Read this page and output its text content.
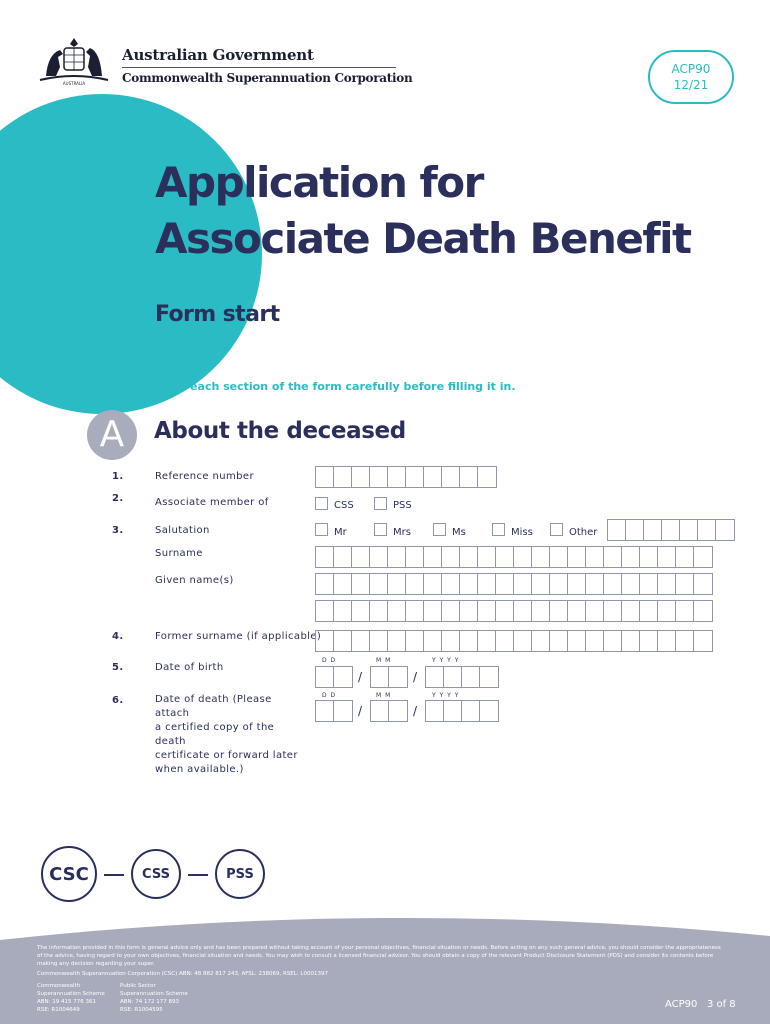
AUSTRALIA
Australian Government
Commonwealth Superannuation Corporation
ACP90
12/21
Application for
Associate Death Benefit
Form start
Read each section of the form carefully before filling it in.
A	About the deceased
1.	Reference number
2.	Associate member of	CSS	PSS
3.	Salutation	Mr	Mrs	Ms	Miss	Other
Surname
Given name(s)
4.	Former surname (if applicable)
5.	Date of birth
D D	M M	Y Y Y Y
/	/
6.	Date of death (Please attach
a certified copy of the death
certificate or forward later
when available.)
D D	M M	Y Y Y Y
/	/
CSC	CSS	PSS
The information provided in this form is general advice only and has been prepared without taking account of your personal objectives, financial situation or needs. Before acting on any such general advice, you should consider the appropriateness of the advice, having regard to your own objectives, financial situation and needs. You may wish to consult a licensed financial advisor. You should obtain a copy of the relevant Product Disclosure Statement (PDS) and consider its contents before making any decision regarding your super.
Commonwealth Superannuation Corporation (CSC) ABN: 48 882 817 243, AFSL: 238069, RSEL: L0001397
Commonwealth
Superannuation Scheme
ABN: 19 415 776 361
RSE: R1004649
Public Sector
Superannuation Scheme
ABN: 74 172 177 893
RSE: R1004595	ACP90 3 of 8
